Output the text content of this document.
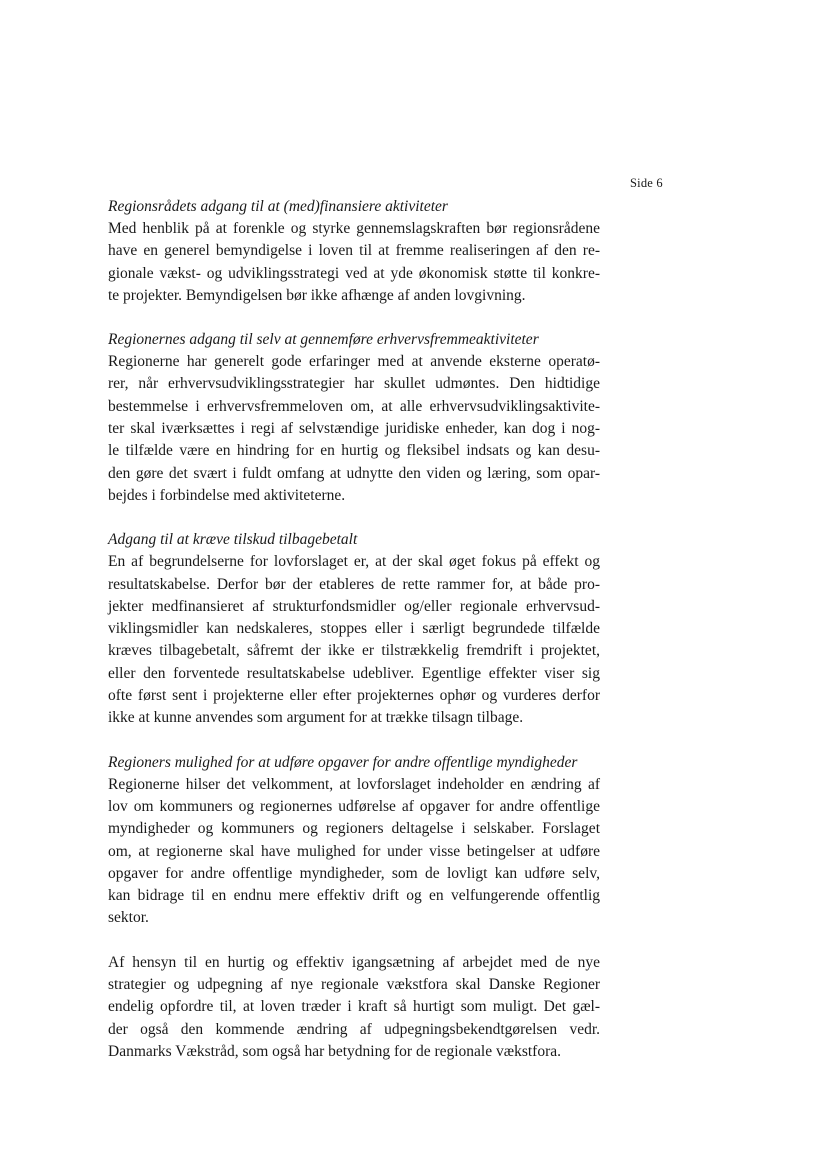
Side 6

Regionsrådets adgang til at (med)finansiere aktiviteter

Med henblik på at forenkle og styrke gennemslagskraften bør regionsrådene
have en generel bemyndigelse i loven til at fremme realiseringen af den re-
gionale vækst- og udviklingsstrategi ved at yde økonomisk støtte til konkre-
te projekter. Bemyndigelsen bør ikke afhænge af anden lovgivning.

Regionernes adgang til selv at gennemføre erhvervsfremmeaktiviteter

Regionerne har generelt gode erfaringer med at anvende eksterne operatø-
rer, når erhvervsudviklingsstrategier har skullet udmøntes. Den hidtidige
bestemmelse i erhvervsfremmeloven om, at alle erhvervsudviklingsaktivite-
ter skal iværksættes i regi af selvstændige juridiske enheder, kan dog i nog-
le tilfælde være en hindring for en hurtig og fleksibel indsats og kan desu-
den gøre det svært i fuldt omfang at udnytte den viden og læring, som opar-
bejdes i forbindelse med aktiviteterne.

Adgang til at kræve tilskud tilbagebetalt

En af begrundelserne for lovforslaget er, at der skal øget fokus på effekt og
resultatskabelse. Derfor bør der etableres de rette rammer for, at både pro-
jekter medfinansieret af strukturfondsmidler og/eller regionale erhvervsud-
viklingsmidler kan nedskaleres, stoppes eller i særligt begrundede tilfælde
kræves tilbagebetalt, såfremt der ikke er tilstrækkelig fremdrift i projektet,
eller den forventede resultatskabelse udebliver. Egentlige effekter viser sig
ofte først sent i projekterne eller efter projekternes ophør og vurderes derfor
ikke at kunne anvendes som argument for at trække tilsagn tilbage.

Regioners mulighed for at udføre opgaver for andre offentlige myndigheder

Regionerne hilser det velkomment, at lovforslaget indeholder en ændring af
lov om kommuners og regionernes udførelse af opgaver for andre offentlige
myndigheder og kommuners og regioners deltagelse i selskaber. Forslaget
om, at regionerne skal have mulighed for under visse betingelser at udføre
opgaver for andre offentlige myndigheder, som de lovligt kan udføre selv,
kan bidrage til en endnu mere effektiv drift og en velfungerende offentlig
sektor.

Af hensyn til en hurtig og effektiv igangsætning af arbejdet med de nye
strategier og udpegning af nye regionale vækstfora skal Danske Regioner
endelig opfordre til, at loven træder i kraft så hurtigt som muligt. Det gæl-
der også den kommende ændring af udpegningsbekendtgørelsen vedr.
Danmarks Vækstråd, som også har betydning for de regionale vækstfora.
